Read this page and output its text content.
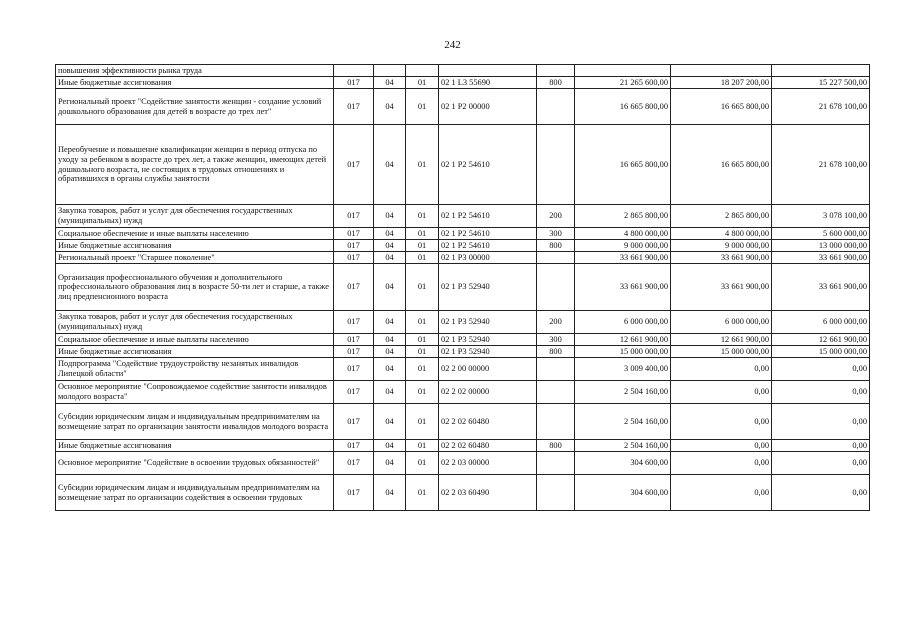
242
повышения эффективности рынка труда								
Иные бюджетные ассигнования	017	04	01	02 1 L3 55690	800	21 265 600,00	18 207 200,00	15 227 500,00
Региональный проект "Содействие занятости женщин - создание условий дошкольного образования для детей в возрасте до трех лет"	017	04	01	02 1 P2 00000		16 665 800,00	16 665 800,00	21 678 100,00
Переобучение и повышение квалификации женщин в период отпуска по уходу за ребенком в возрасте до трех лет, а также женщин, имеющих детей дошкольного возраста, не состоящих в трудовых отношениях и обратившихся в органы службы занятости	017	04	01	02 1 P2 54610		16 665 800,00	16 665 800,00	21 678 100,00
Закупка товаров, работ и услуг для обеспечения государственных (муниципальных) нужд	017	04	01	02 1 P2 54610	200	2 865 800,00	2 865 800,00	3 078 100,00
Социальное обеспечение и иные выплаты населению	017	04	01	02 1 P2 54610	300	4 800 000,00	4 800 000,00	5 600 000,00
Иные бюджетные ассигнования	017	04	01	02 1 P2 54610	800	9 000 000,00	9 000 000,00	13 000 000,00
Региональный проект "Старшее поколение"	017	04	01	02 1 P3 00000		33 661 900,00	33 661 900,00	33 661 900,00
Организация профессионального обучения и дополнительного профессионального образования лиц в возрасте 50-ти лет и старше, а также лиц предпенсионного возраста	017	04	01	02 1 P3 52940		33 661 900,00	33 661 900,00	33 661 900,00
Закупка товаров, работ и услуг для обеспечения государственных (муниципальных) нужд	017	04	01	02 1 P3 52940	200	6 000 000,00	6 000 000,00	6 000 000,00
Социальное обеспечение и иные выплаты населению	017	04	01	02 1 P3 52940	300	12 661 900,00	12 661 900,00	12 661 900,00
Иные бюджетные ассигнования	017	04	01	02 1 P3 52940	800	15 000 000,00	15 000 000,00	15 000 000,00
Подпрограмма "Содействие трудоустройству незанятых инвалидов Липецкой области"	017	04	01	02 2 00 00000		3 009 400,00	0,00	0,00
Основное мероприятие "Сопровождаемое содействие занятости инвалидов молодого возраста"	017	04	01	02 2 02 00000		2 504 160,00	0,00	0,00
Субсидии юридическим лицам и индивидуальным предпринимателям на возмещение затрат по организации занятости инвалидов молодого возраста	017	04	01	02 2 02 60480		2 504 160,00	0,00	0,00
Иные бюджетные ассигнования	017	04	01	02 2 02 60480	800	2 504 160,00	0,00	0,00
Основное мероприятие "Содействие в освоении трудовых обязанностей"	017	04	01	02 2 03 00000		304 600,00	0,00	0,00
Субсидии юридическим лицам и индивидуальным предпринимателям на возмещение затрат по организации содействия в освоении трудовых	017	04	01	02 2 03 60490		304 600,00	0,00	0,00
